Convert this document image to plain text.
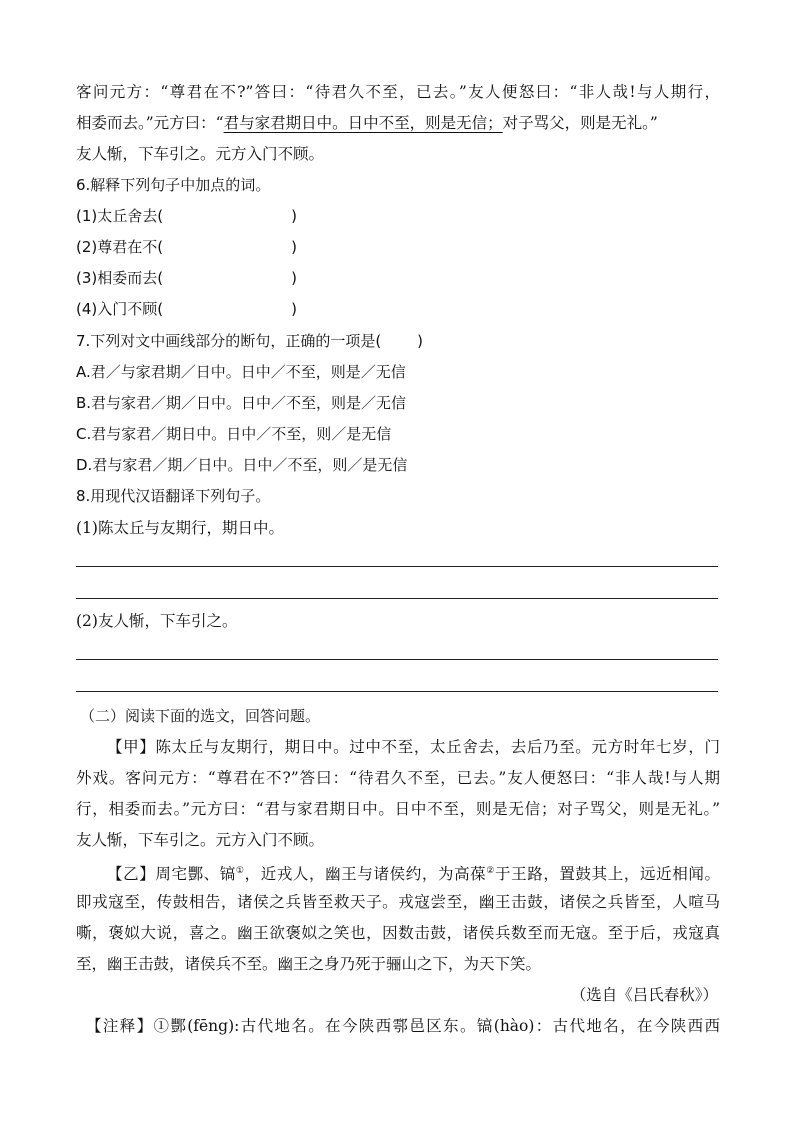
客问元方：“尊君在不?”答曰：“待君久不至，已去。”友人便怒曰：“非人哉!与人期行，
相委而去。”元方曰：“君与家君期日中。日中不至，则是无信；对子骂父，则是无礼。”
友人惭，下车引之。元方入门不顾。
6.解释下列句子中加点的词。
(1)太丘舍去(	)
(2)尊君在不(	)
(3)相委而去(	)
(4)入门不顾(	)
7.下列对文中画线部分的断句，正确的一项是( )
A.君／与家君期／日中。日中／不至，则是／无信
B.君与家君／期／日中。日中／不至，则是／无信
C.君与家君／期日中。日中／不至，则／是无信
D.君与家君／期／日中。日中／不至，则／是无信
8.用现代汉语翻译下列句子。
(1)陈太丘与友期行，期日中。
(2)友人惭，下车引之。
（二）阅读下面的选文，回答问题。
【甲】陈太丘与友期行，期日中。过中不至，太丘舍去，去后乃至。元方时年七岁，门
外戏。客问元方：“尊君在不?”答曰：“待君久不至，已去。”友人便怒曰：“非人哉!与人期
行，相委而去。”元方曰：“君与家君期日中。日中不至，则是无信；对子骂父，则是无礼。”
友人惭，下车引之。元方入门不顾。
【乙】周宅酆、镐①，近戎人，幽王与诸侯约，为高葆②于王路，置鼓其上，远近相闻。
即戎寇至，传鼓相告，诸侯之兵皆至救天子。戎寇尝至，幽王击鼓，诸侯之兵皆至，人喧马
嘶，褒姒大说，喜之。幽王欲褒姒之笑也，因数击鼓，诸侯兵数至而无寇。至于后，戎寇真
至，幽王击鼓，诸侯兵不至。幽王之身乃死于骊山之下，为天下笑。
（选自《吕氏春秋》）
【注释】①酆(fēng):古代地名。在今陕西鄠邑区东。镐(hào)：古代地名，在今陕西西
